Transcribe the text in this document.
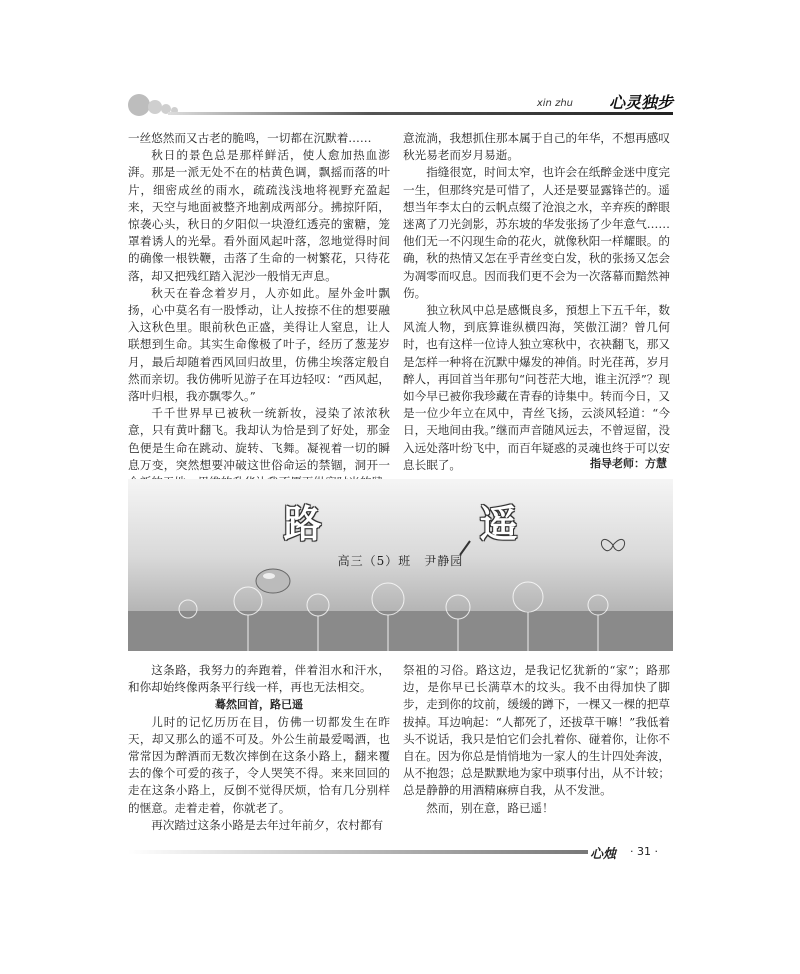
xin zhu 心灵独步

一丝悠然而又古老的脆鸣，一切都在沉默着……

秋日的景色总是那样鲜活，使人愈加热血澎湃。那是一派无处不在的枯黄色调，飘摇而落的叶片，细密成丝的雨水，疏疏浅浅地将视野充盈起来，天空与地面被整齐地割成两部分。拂掠阡陌，惊袭心头，秋日的夕阳似一块澄红透亮的蜜糖，笼罩着诱人的光晕。看外面风起叶落，忽地觉得时间的确像一根铁鞭，击落了生命的一树繁花，只待花落，却又把残红踏入泥沙一般悄无声息。

秋天在眷念着岁月，人亦如此。屋外金叶飘扬，心中莫名有一股悸动，让人按捺不住的想要融入这秋色里。眼前秋色正盛，美得让人窒息，让人联想到生命。其实生命像极了叶子，经历了葱茏岁月，最后却随着西风回归故里，仿佛尘埃落定般自然而亲切。我仿佛听见游子在耳边轻叹：“西风起，落叶归根，我亦飘零久。”

千千世界早已被秋一统新妆，浸染了浓浓秋意，只有黄叶翻飞。我却认为恰是到了好处，那金色便是生命在跳动、旋转、飞舞。凝视着一切的瞬息万变，突然想要冲破这世俗命运的禁锢，洞开一

意流淌，我想抓住那本属于自己的年华，不想再感叹秋光易老而岁月易逝。

指缝很宽，时间太窄，也许会在纸醉金迷中度完一生，但那终究是可惜了，人还是要显露锋芒的。遥想当年李太白的云帆点缀了沧浪之水，辛弃疾的醉眼迷离了刀光剑影，苏东坡的华发张扬了少年意气……他们无一不闪现生命的花火，就像秋阳一样耀眼。的确，秋的热情又怎在乎青丝变白发，秋的张扬又怎会为凋零而叹息。因而我们更不会为一次落幕而黯然神伤。

独立秋风中总是感慨良多，預想上下五千年，数风流人物，到底算谁纵横四海，笑傲江湖？曾几何时，也有这样一位诗人独立寒秋中，衣袂翻飞，那又是怎样一种将在沉默中爆发的神俏。时光荏苒，岁月醉人，再回首当年那句“问苍茫大地，谁主沉浮”？现如今早已被你我珍藏在青春的诗集中。转而今日，又是一位少年立在风中，青丝飞扬，云淡风轻道：“今日，天地间由我。”继而声音随风远去，不曾逗留，没入远处落叶纷飞中，而百年疑惑的灵魂也终于可以安息长眠了。	指导老师：方慧
路　遥
高三（5）班　尹静园

这条路，我努力的奔跑着，伴着泪水和汗水，和你却始终像两条平行线一样，再也无法相交。

蓦然回首，路已遥

儿时的记忆历历在目，仿佛一切都发生在昨天，却又那么的遥不可及。外公生前最爱喝酒，也常常因为醉酒而无数次摔倒在这条小路上，翻来覆去的像个可爱的孩子，令人哭笑不得。来来回回的走在这条小路上，反倒不觉得厌烦，恰有几分别样的惬意。走着走着，你就老了。

再次踏过这条小路是去年过年前夕，农村都有

祭祖的习俗。路这边，是我记忆犹新的“家”；路那边，是你早已长满草木的坟头。我不由得加快了脚步，走到你的坟前，缓缓的蹲下，一棵又一棵的把草拔掉。耳边响起：“人都死了，还拔草干嘛！”我低着头不说话，我只是怕它们会扎着你、碰着你，让你不自在。因为你总是悄悄地为一家人的生计四处奔波，从不抱怨；总是默默地为家中琐事付出，从不计较；总是静静的用酒精麻痹自我，从不发泄。

然而，别在意，路已遥！

心烛 · 31 ·
